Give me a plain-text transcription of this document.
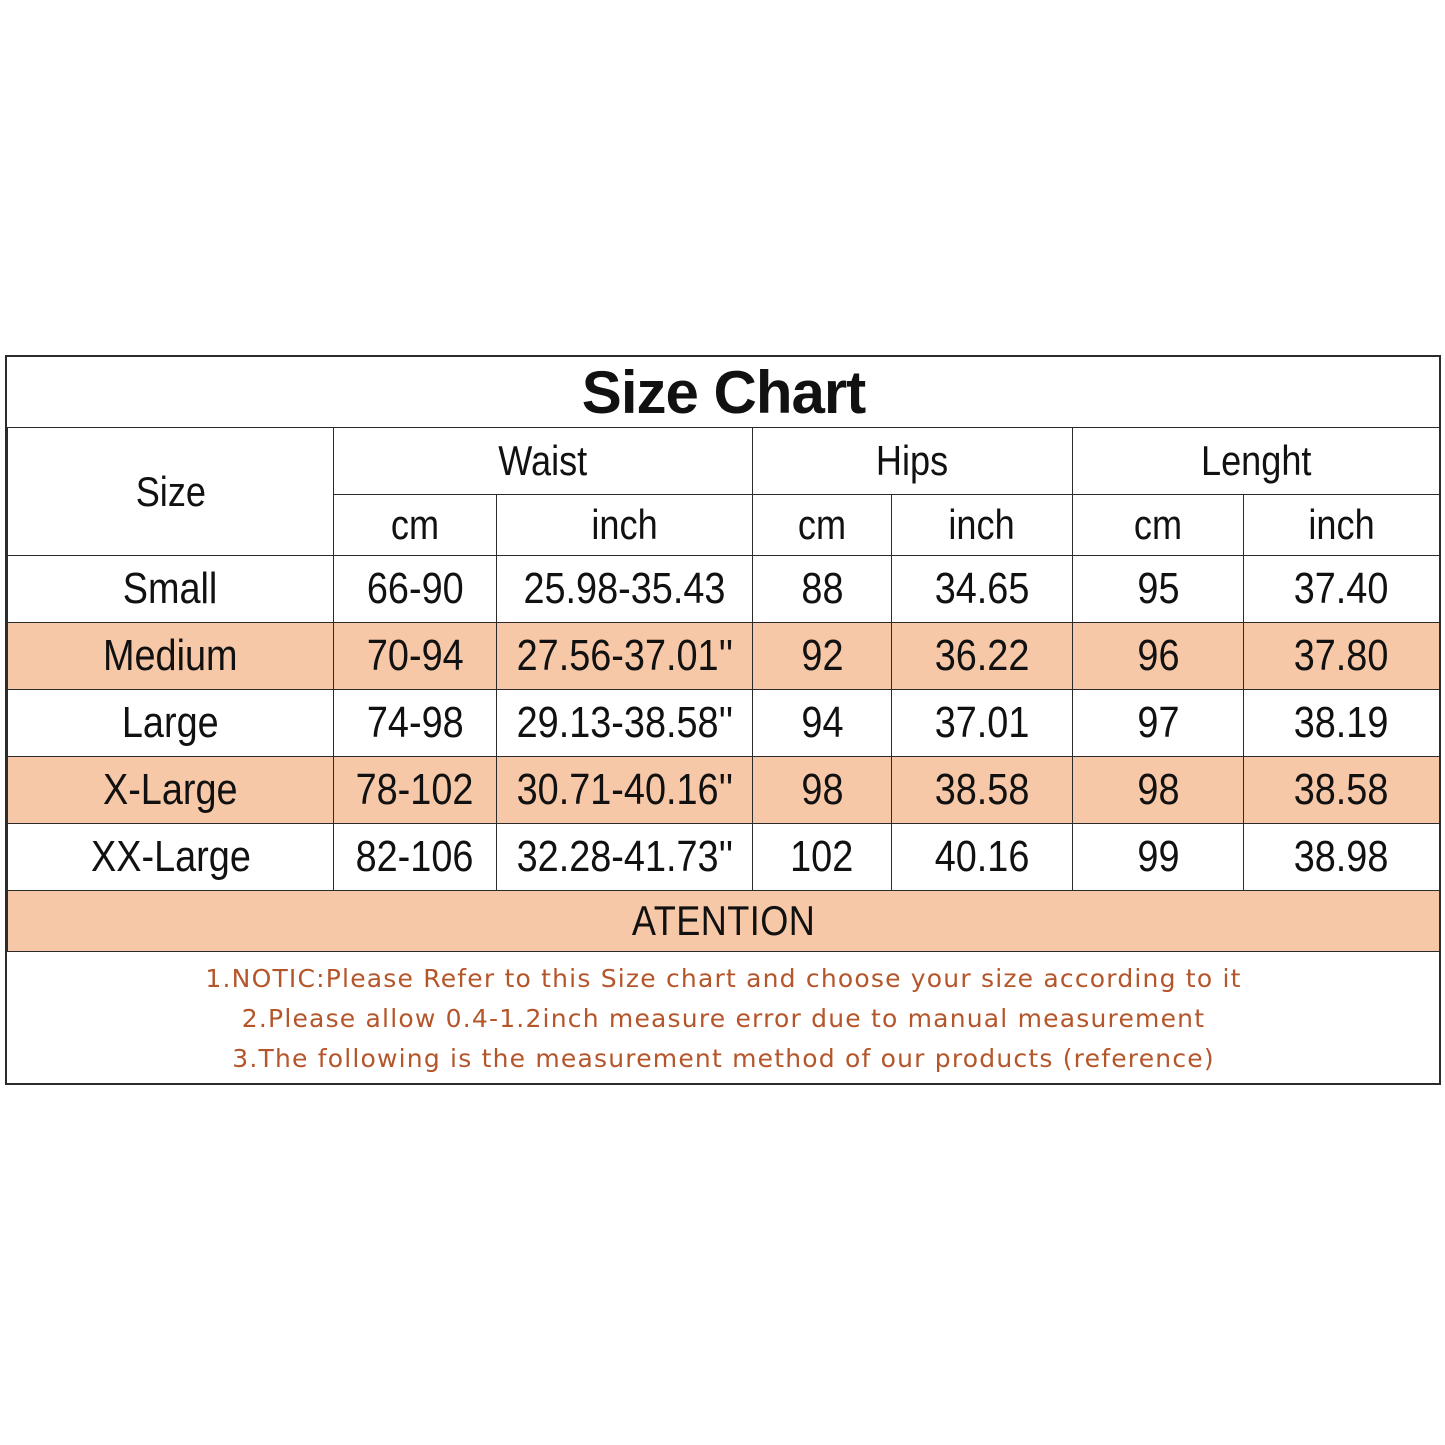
Size Chart						
Size	Waist		Hips		Lenght	
	cm	inch	cm	inch	cm	inch
Small	66-90	25.98-35.43	88	34.65	95	37.40
Medium	70-94	27.56-37.01''	92	36.22	96	37.80
Large	74-98	29.13-38.58''	94	37.01	97	38.19
X-Large	78-102	30.71-40.16''	98	38.58	98	38.58
XX-Large	82-106	32.28-41.73''	102	40.16	99	38.98
ATENTION						

1.NOTIC:Please Refer to this Size chart and choose your size according to it
2.Please allow 0.4-1.2inch measure error due to manual measurement
3.The following is the measurement method of our products (reference)						
